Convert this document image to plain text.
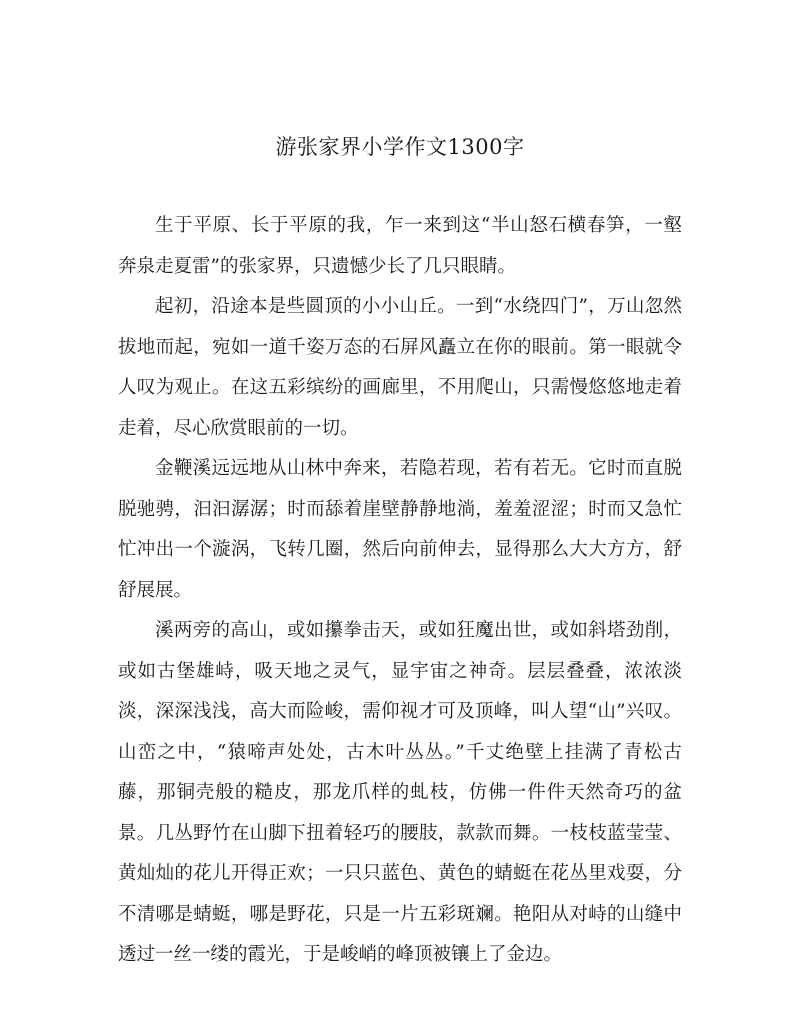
游张家界小学作文1300字

生于平原、长于平原的我，乍一来到这“半山怒石横春笋，一壑奔泉走夏雷”的张家界，只遗憾少长了几只眼睛。

起初，沿途本是些圆顶的小小山丘。一到“水绕四门”，万山忽然拔地而起，宛如一道千姿万态的石屏风矗立在你的眼前。第一眼就令人叹为观止。在这五彩缤纷的画廊里，不用爬山，只需慢悠悠地走着走着，尽心欣赏眼前的一切。

金鞭溪远远地从山林中奔来，若隐若现，若有若无。它时而直脱脱驰骋，汩汩潺潺；时而舔着崖壁静静地淌，羞羞涩涩；时而又急忙忙冲出一个漩涡，飞转几圈，然后向前伸去，显得那么大大方方，舒舒展展。

溪两旁的高山，或如攥拳击天，或如狂魔出世，或如斜塔劲削，或如古堡雄峙，吸天地之灵气，显宇宙之神奇。层层叠叠，浓浓淡淡，深深浅浅，高大而险峻，需仰视才可及顶峰，叫人望“山”兴叹。山峦之中，“猿啼声处处，古木叶丛丛。”千丈绝壁上挂满了青松古藤，那铜壳般的糙皮，那龙爪样的虬枝，仿佛一件件天然奇巧的盆景。几丛野竹在山脚下扭着轻巧的腰肢，款款而舞。一枝枝蓝莹莹、黄灿灿的花儿开得正欢；一只只蓝色、黄色的蜻蜓在花丛里戏耍，分不清哪是蜻蜓，哪是野花，只是一片五彩斑斓。艳阳从对峙的山缝中透过一丝一缕的霞光，于是峻峭的峰顶被镶上了金边。
